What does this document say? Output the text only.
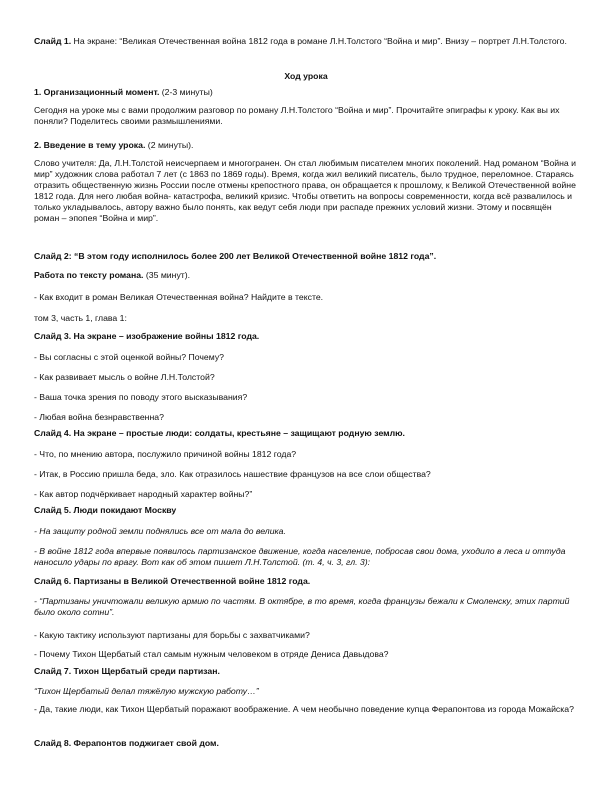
Слайд 1. На экране: “Великая Отечественная война 1812 года в романе Л.Н.Толстого “Война и мир”. Внизу – портрет Л.Н.Толстого.

Ход урока

1. Организационный момент. (2-3 минуты)

Сегодня на уроке мы с вами продолжим разговор по роману Л.Н.Толстого “Война и мир”. Прочитайте эпиграфы к уроку. Как вы их поняли? Поделитесь своими размышлениями.

2. Введение в тему урока. (2 минуты).

Слово учителя: Да, Л.Н.Толстой неисчерпаем и многогранен. Он стал любимым писателем многих поколений. Над романом “Война и мир” художник слова работал 7 лет (с 1863 по 1869 годы). Время, когда жил великий писатель, было трудное, переломное. Стараясь отразить общественную жизнь России после отмены крепостного права, он обращается к прошлому, к Великой Отечественной войне 1812 года. Для него любая война- катастрофа, великий кризис. Чтобы ответить на вопросы современности, когда всё развалилось и только укладывалось, автору важно было понять, как ведут себя люди при распаде прежних условий жизни. Этому и посвящён роман – эпопея “Война и мир”.

Слайд 2: “В этом году исполнилось более 200 лет Великой Отечественной войне 1812 года”.

Работа по тексту романа. (35 минут).

- Как входит в роман Великая Отечественная война? Найдите в тексте.

том 3, часть 1, глава 1:

Слайд 3. На экране – изображение войны 1812 года.

- Вы согласны с этой оценкой войны? Почему?

- Как развивает мысль о войне Л.Н.Толстой?

- Ваша точка зрения по поводу этого высказывания?

- Любая война безнравственна?

Слайд 4. На экране – простые люди: солдаты, крестьяне – защищают родную землю.

- Что, по мнению автора, послужило причиной войны 1812 года?

- Итак, в Россию пришла беда, зло. Как отразилось нашествие французов на все слои общества?

- Как автор подчёркивает народный характер войны?”

Слайд 5. Люди покидают Москву

- На защиту родной земли поднялись все от мала до велика.

- В войне 1812 года впервые появилось партизанское движение, когда население, побросав свои дома, уходило в леса и оттуда наносило удары по врагу. Вот как об этом пишет Л.Н.Толстой. (т. 4, ч. 3, гл. 3):

Слайд 6. Партизаны в Великой Отечественной войне 1812 года.

- “Партизаны уничтожали великую армию по частям. В октябре, в то время, когда французы бежали к Смоленску, этих партий было около сотни”.

- Какую тактику используют партизаны для борьбы с захватчиками?

- Почему Тихон Щербатый стал самым нужным человеком в отряде Дениса Давыдова?

Слайд 7. Тихон Щербатый среди партизан.

“Тихон Щербатый делал тяжёлую мужскую работу…”

- Да, такие люди, как Тихон Щербатый поражают воображение. А чем необычно поведение купца Ферапонтова из города Можайска?

Слайд 8. Ферапонтов поджигает свой дом.
